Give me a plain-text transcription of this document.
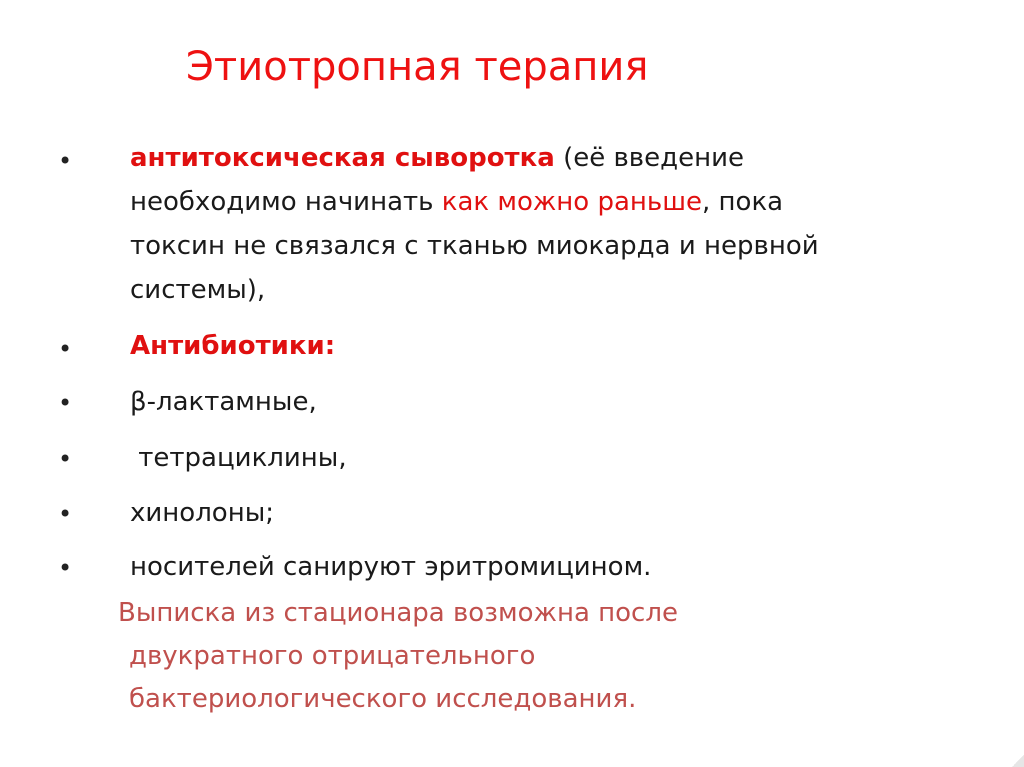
Этиотропная терапия
• антитоксическая сыворотка (её введение
необходимо начинать как можно раньше, пока
токсин не связался с тканью миокарда и нервной
системы),
• Антибиотики:
• β-лактамные,
• тетрациклины,
• хинолоны;
• носителей санируют эритромицином.
Выписка из стационара возможна после
двукратного отрицательного
бактериологического исследования.
